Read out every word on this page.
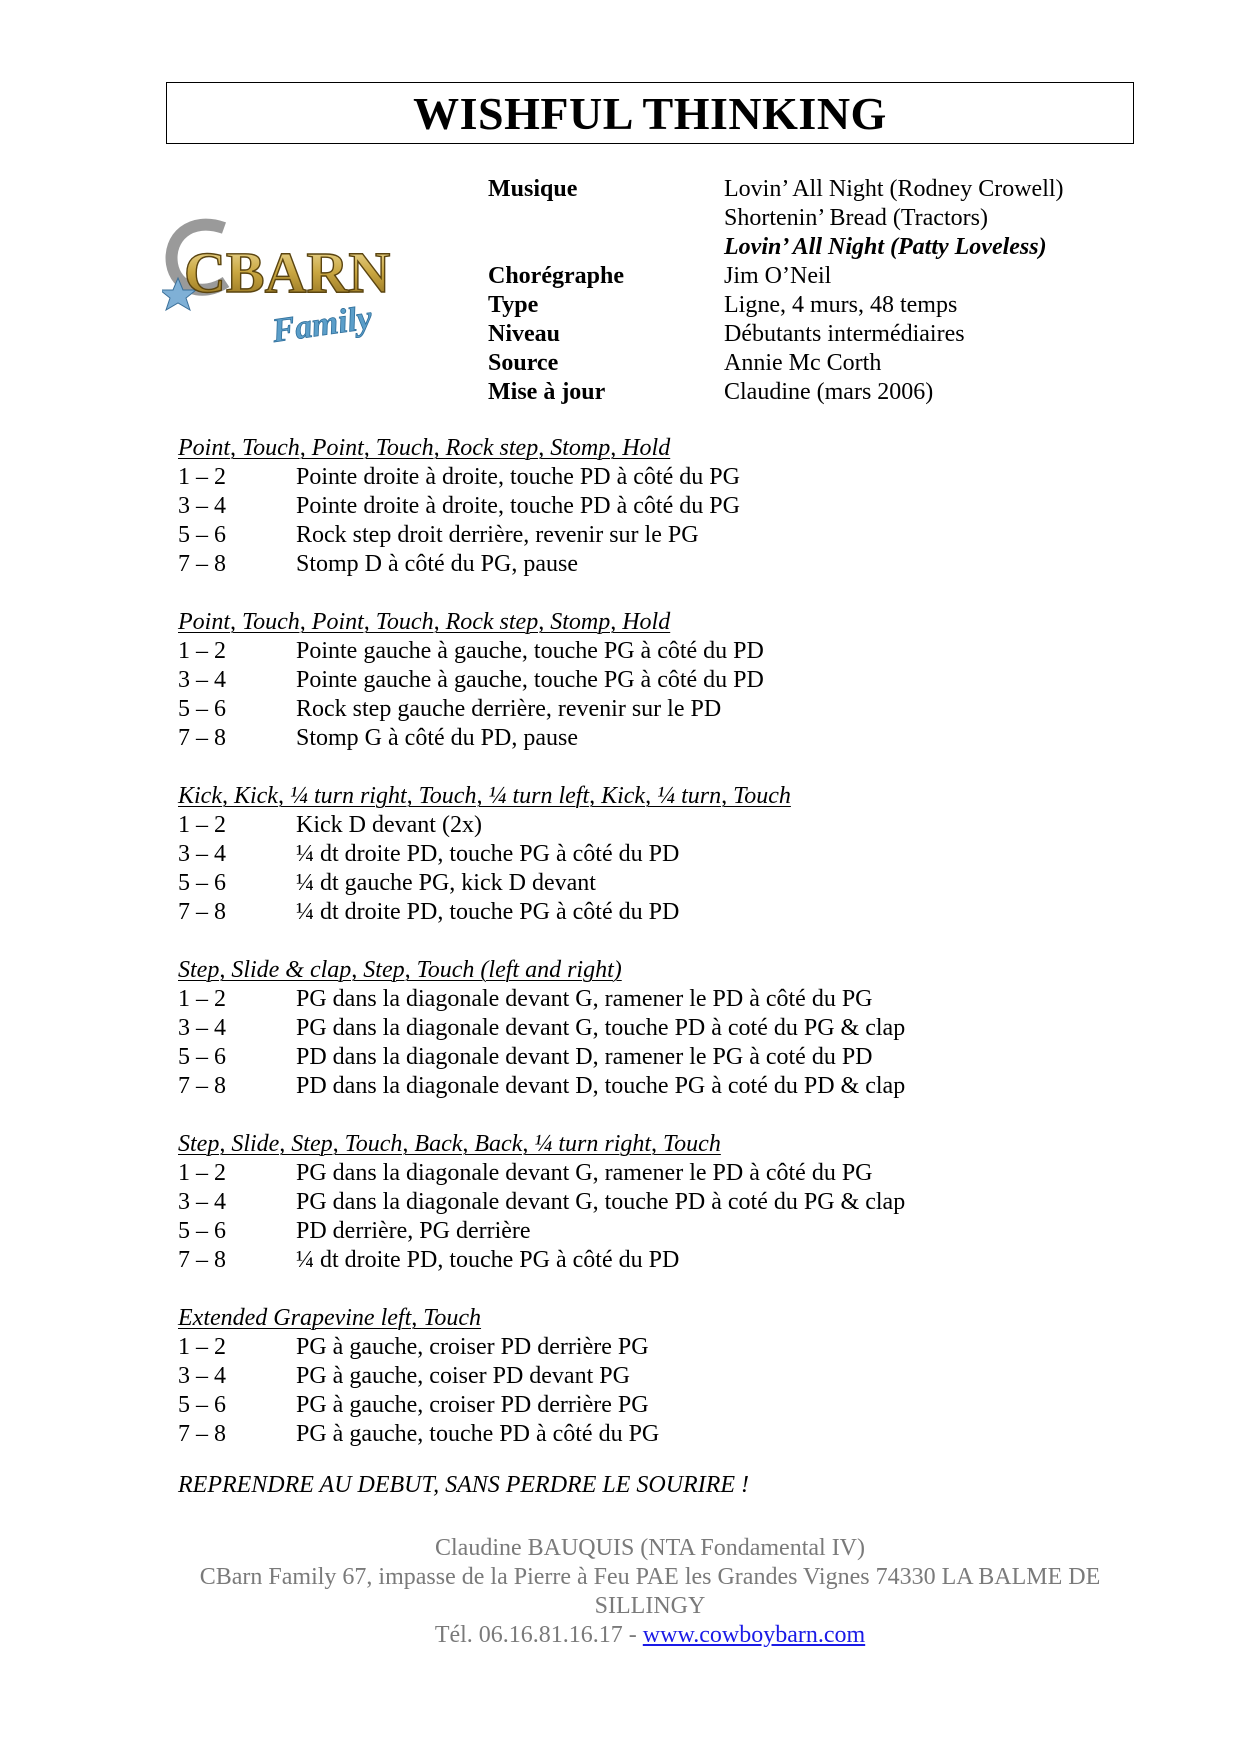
WISHFUL THINKING
CBARN
Family
Musique	Lovin’ All Night (Rodney Crowell)
Shortenin’ Bread (Tractors)
Lovin’ All Night (Patty Loveless)
Chorégraphe	Jim O’Neil
Type	Ligne, 4 murs, 48 temps
Niveau	Débutants intermédiaires
Source	Annie Mc Corth
Mise à jour	Claudine (mars 2006)
Point, Touch, Point, Touch, Rock step, Stomp, Hold
1 – 2	Pointe droite à droite, touche PD à côté du PG
3 – 4	Pointe droite à droite, touche PD à côté du PG
5 – 6	Rock step droit derrière, revenir sur le PG
7 – 8	Stomp D à côté du PG, pause
Point, Touch, Point, Touch, Rock step, Stomp, Hold
1 – 2	Pointe gauche à gauche, touche PG à côté du PD
3 – 4	Pointe gauche à gauche, touche PG à côté du PD
5 – 6	Rock step gauche derrière, revenir sur le PD
7 – 8	Stomp G à côté du PD, pause
Kick, Kick, ¼ turn right, Touch, ¼ turn left, Kick, ¼ turn, Touch
1 – 2	Kick D devant (2x)
3 – 4	¼ dt droite PD, touche PG à côté du PD
5 – 6	¼ dt gauche PG, kick D devant
7 – 8	¼ dt droite PD, touche PG à côté du PD
Step, Slide & clap, Step, Touch (left and right)
1 – 2	PG dans la diagonale devant G, ramener le PD à côté du PG
3 – 4	PG dans la diagonale devant G, touche PD à coté du PG & clap
5 – 6	PD dans la diagonale devant D, ramener le PG à coté du PD
7 – 8	PD dans la diagonale devant D, touche PG à coté du PD & clap
Step, Slide, Step, Touch, Back, Back, ¼ turn right, Touch
1 – 2	PG dans la diagonale devant G, ramener le PD à côté du PG
3 – 4	PG dans la diagonale devant G, touche PD à coté du PG & clap
5 – 6	PD derrière, PG derrière
7 – 8	¼ dt droite PD, touche PG à côté du PD
Extended Grapevine left, Touch
1 – 2	PG à gauche, croiser PD derrière PG
3 – 4	PG à gauche, coiser PD devant PG
5 – 6	PG à gauche, croiser PD derrière PG
7 – 8	PG à gauche, touche PD à côté du PG
REPRENDRE AU DEBUT, SANS PERDRE LE SOURIRE !
Claudine BAUQUIS (NTA Fondamental IV)
CBarn Family 67, impasse de la Pierre à Feu PAE les Grandes Vignes 74330 LA BALME DE SILLINGY
Tél. 06.16.81.16.17 - www.cowboybarn.com
